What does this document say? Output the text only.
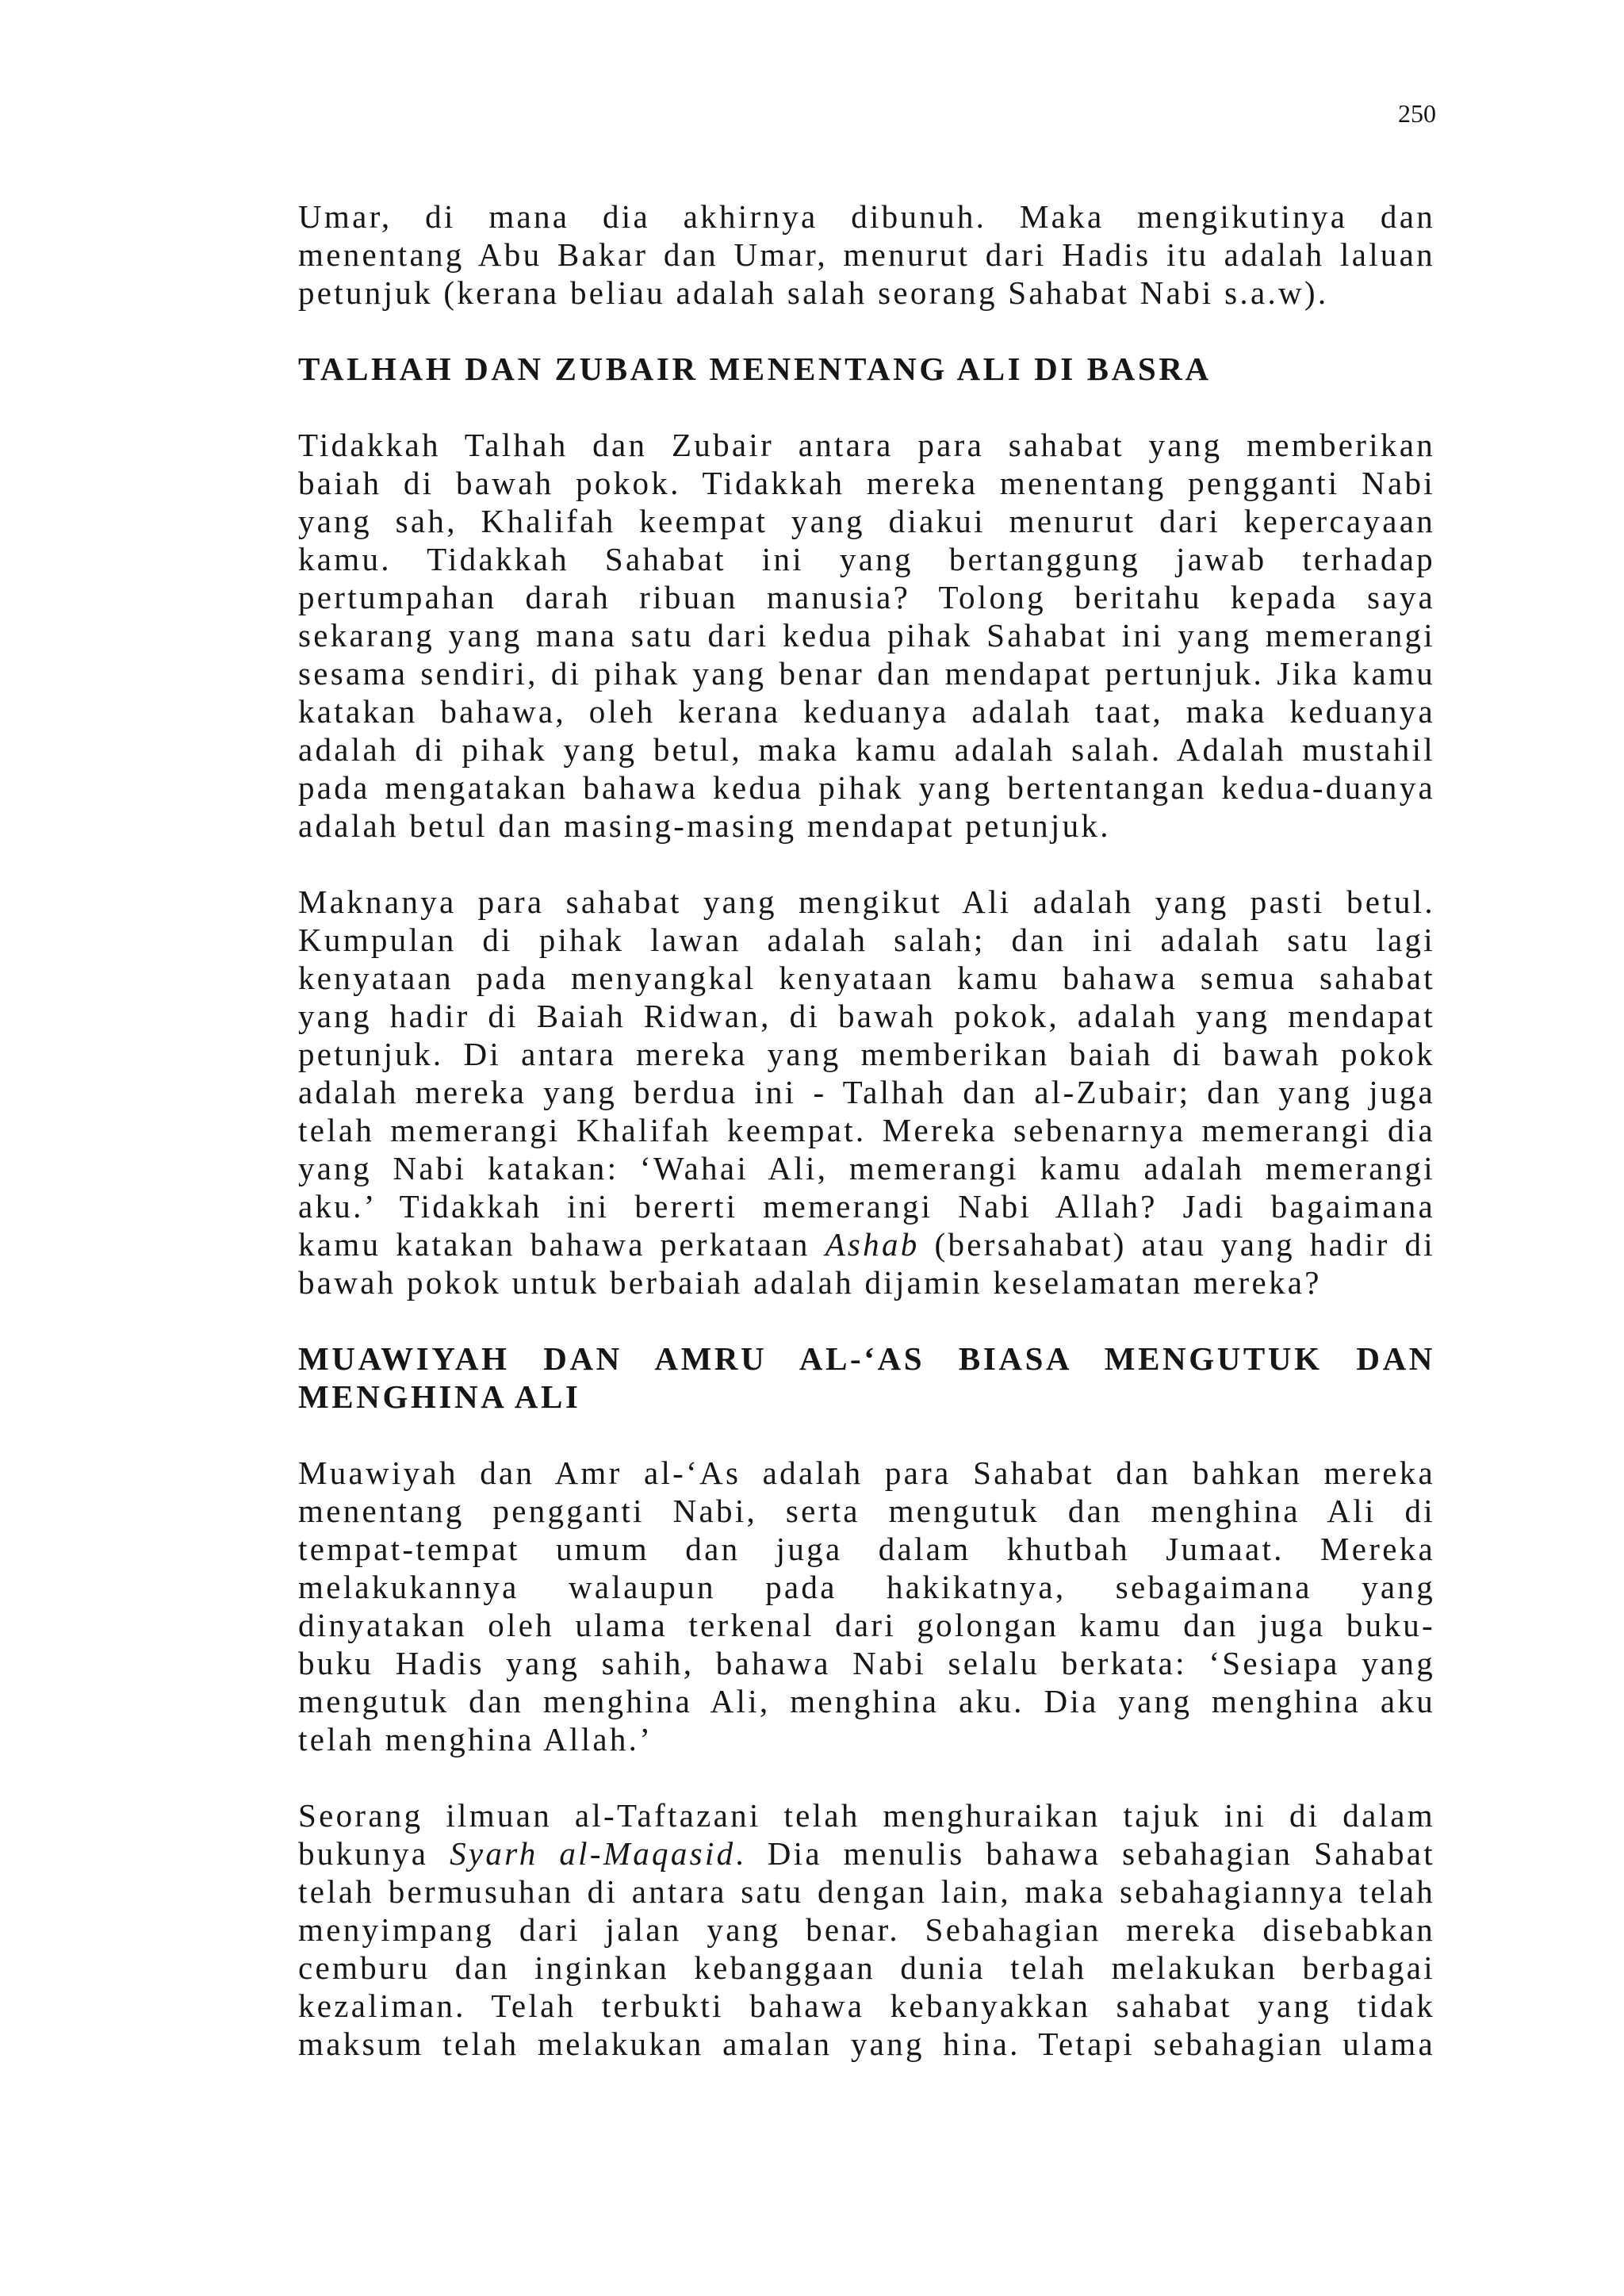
250
Umar, di mana dia akhirnya dibunuh. Maka mengikutinya dan
menentang Abu Bakar dan Umar, menurut dari Hadis itu adalah laluan
petunjuk (kerana beliau adalah salah seorang Sahabat Nabi s.a.w).
TALHAH DAN ZUBAIR MENENTANG ALI DI BASRA
Tidakkah Talhah dan Zubair antara para sahabat yang memberikan
baiah di bawah pokok. Tidakkah mereka menentang pengganti Nabi
yang sah, Khalifah keempat yang diakui menurut dari kepercayaan
kamu. Tidakkah Sahabat ini yang bertanggung jawab terhadap
pertumpahan darah ribuan manusia? Tolong beritahu kepada saya
sekarang yang mana satu dari kedua pihak Sahabat ini yang memerangi
sesama sendiri, di pihak yang benar dan mendapat pertunjuk. Jika kamu
katakan bahawa, oleh kerana keduanya adalah taat, maka keduanya
adalah di pihak yang betul, maka kamu adalah salah. Adalah mustahil
pada mengatakan bahawa kedua pihak yang bertentangan kedua-duanya
adalah betul dan masing-masing mendapat petunjuk.
Maknanya para sahabat yang mengikut Ali adalah yang pasti betul.
Kumpulan di pihak lawan adalah salah; dan ini adalah satu lagi
kenyataan pada menyangkal kenyataan kamu bahawa semua sahabat
yang hadir di Baiah Ridwan, di bawah pokok, adalah yang mendapat
petunjuk. Di antara mereka yang memberikan baiah di bawah pokok
adalah mereka yang berdua ini - Talhah dan al-Zubair; dan yang juga
telah memerangi Khalifah keempat. Mereka sebenarnya memerangi dia
yang Nabi katakan: ‘Wahai Ali, memerangi kamu adalah memerangi
aku.’ Tidakkah ini bererti memerangi Nabi Allah? Jadi bagaimana
kamu katakan bahawa perkataan Ashab (bersahabat) atau yang hadir di
bawah pokok untuk berbaiah adalah dijamin keselamatan mereka?
MUAWIYAH DAN AMRU AL-‘AS BIASA MENGUTUK DAN
MENGHINA ALI
Muawiyah dan Amr al-‘As adalah para Sahabat dan bahkan mereka
menentang pengganti Nabi, serta mengutuk dan menghina Ali di
tempat-tempat umum dan juga dalam khutbah Jumaat. Mereka
melakukannya walaupun pada hakikatnya, sebagaimana yang
dinyatakan oleh ulama terkenal dari golongan kamu dan juga buku-
buku Hadis yang sahih, bahawa Nabi selalu berkata: ‘Sesiapa yang
mengutuk dan menghina Ali, menghina aku. Dia yang menghina aku
telah menghina Allah.’
Seorang ilmuan al-Taftazani telah menghuraikan tajuk ini di dalam
bukunya Syarh al-Maqasid. Dia menulis bahawa sebahagian Sahabat
telah bermusuhan di antara satu dengan lain, maka sebahagiannya telah
menyimpang dari jalan yang benar. Sebahagian mereka disebabkan
cemburu dan inginkan kebanggaan dunia telah melakukan berbagai
kezaliman. Telah terbukti bahawa kebanyakkan sahabat yang tidak
maksum telah melakukan amalan yang hina. Tetapi sebahagian ulama
